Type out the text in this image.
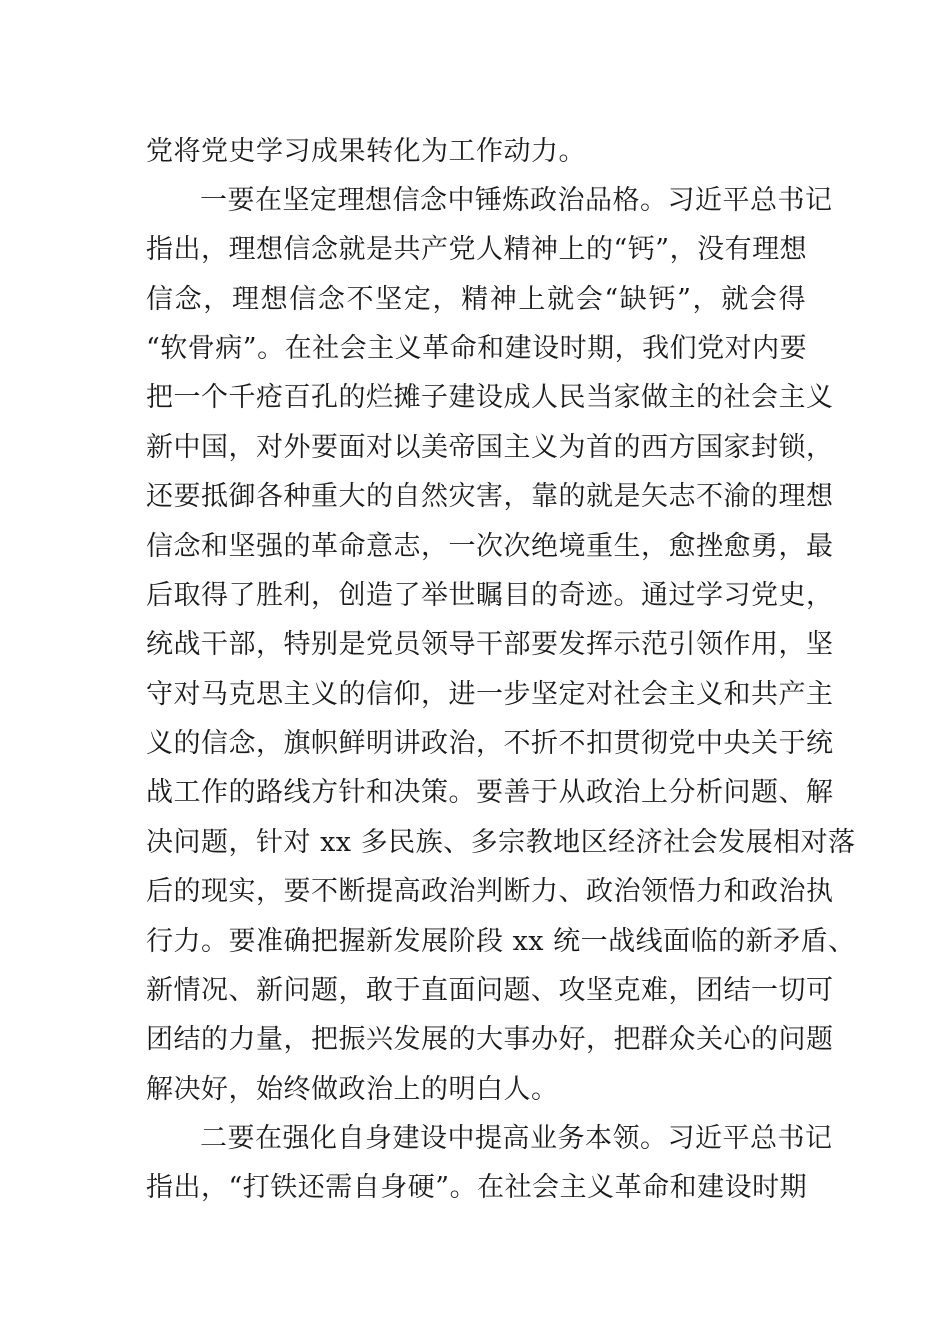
党将党史学习成果转化为工作动力。
一要在坚定理想信念中锤炼政治品格。习近平总书记
指出，理想信念就是共产党人精神上的“钙”，没有理想
信念，理想信念不坚定，精神上就会“缺钙”，就会得
“软骨病”。在社会主义革命和建设时期，我们党对内要
把一个千疮百孔的烂摊子建设成人民当家做主的社会主义
新中国，对外要面对以美帝国主义为首的西方国家封锁，
还要抵御各种重大的自然灾害，靠的就是矢志不渝的理想
信念和坚强的革命意志，一次次绝境重生，愈挫愈勇，最
后取得了胜利，创造了举世瞩目的奇迹。通过学习党史，
统战干部，特别是党员领导干部要发挥示范引领作用，坚
守对马克思主义的信仰，进一步坚定对社会主义和共产主
义的信念，旗帜鲜明讲政治，不折不扣贯彻党中央关于统
战工作的路线方针和决策。要善于从政治上分析问题、解
决问题，针对 xx 多民族、多宗教地区经济社会发展相对落
后的现实，要不断提高政治判断力、政治领悟力和政治执
行力。要准确把握新发展阶段 xx 统一战线面临的新矛盾、
新情况、新问题，敢于直面问题、攻坚克难，团结一切可
团结的力量，把振兴发展的大事办好，把群众关心的问题
解决好，始终做政治上的明白人。
二要在强化自身建设中提高业务本领。习近平总书记
指出，“打铁还需自身硬”。在社会主义革命和建设时期
